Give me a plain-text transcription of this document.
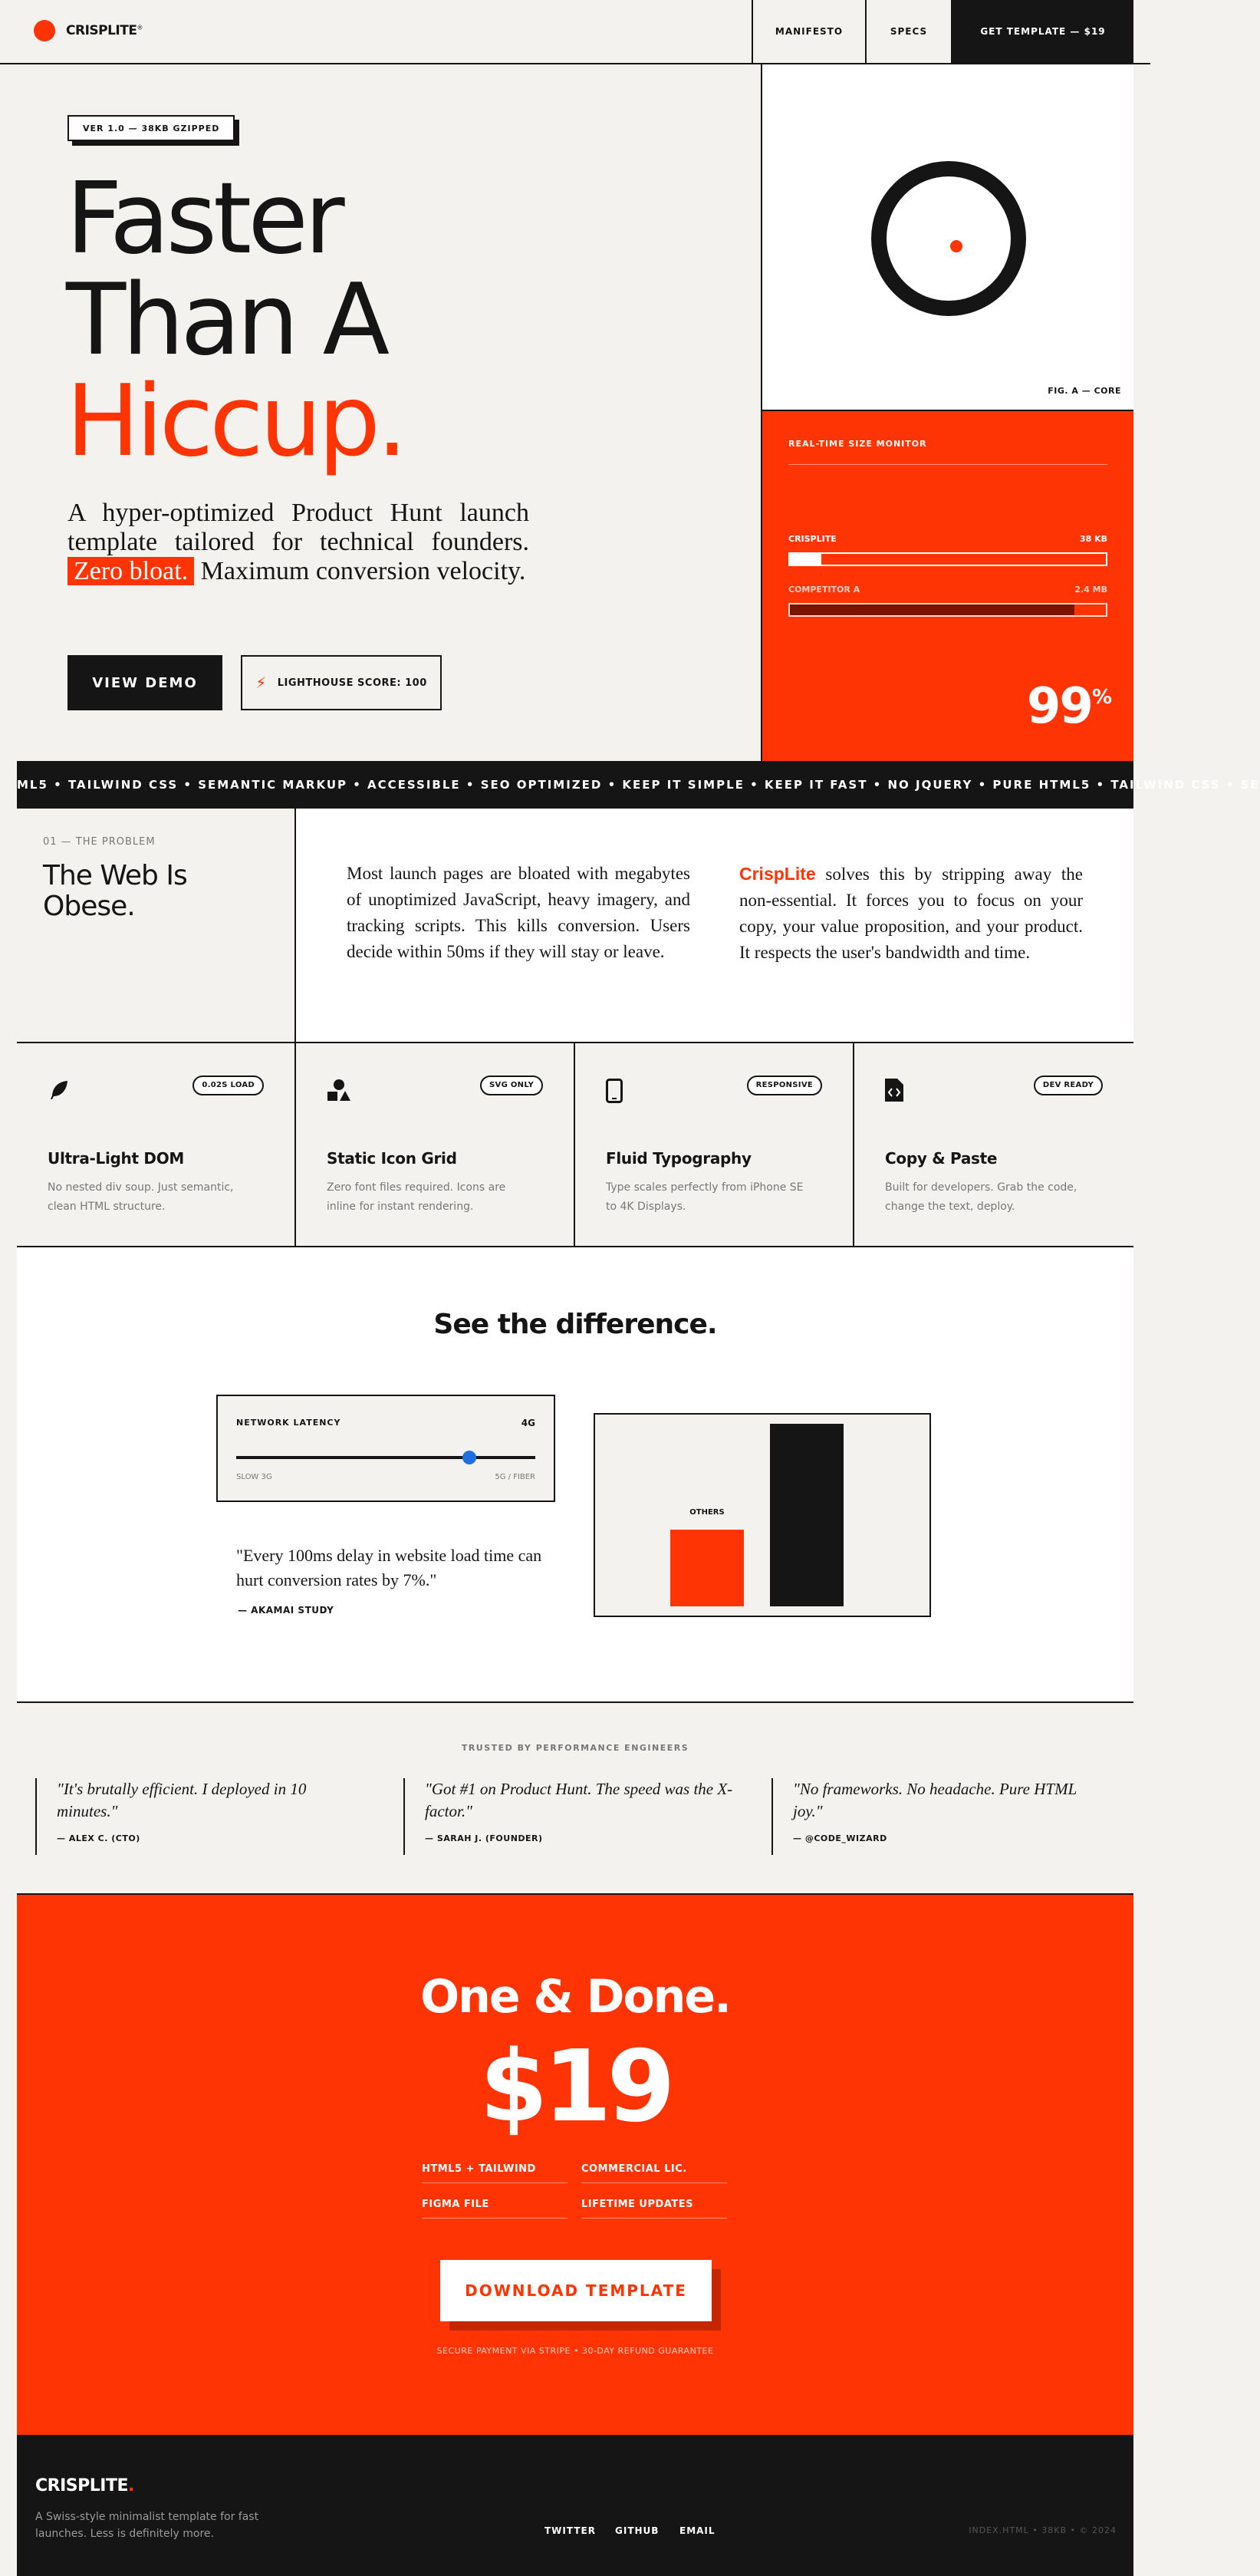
CRISPLITE®	MANIFESTO	SPECS	GET TEMPLATE — $19
VER 1.0 — 38KB GZIPPED
Faster
Than A
Hiccup.

A hyper-optimized Product Hunt launch template tailored for technical founders. Zero bloat. Maximum conversion velocity.

VIEW DEMO	⚡ LIGHTHOUSE SCORE: 100
FIG. A — CORE
REAL-TIME SIZE MONITOR
CRISPLITE	38 KB
COMPETITOR A	2.4 MB
99%
ML5 • TAILWIND CSS • SEMANTIC MARKUP • ACCESSIBLE • SEO OPTIMIZED • KEEP IT SIMPLE • KEEP IT FAST • NO JQUERY • PURE HTML5 • TAILWIND CSS • SE
01 — THE PROBLEM
The Web Is Obese.

Most launch pages are bloated with megabytes of unoptimized JavaScript, heavy imagery, and tracking scripts. This kills conversion. Users decide within 50ms if they will stay or leave.

CrispLite solves this by stripping away the non-essential. It forces you to focus on your copy, your value proposition, and your product. It respects the user's bandwidth and time.

0.02S LOAD
Ultra-Light DOM
No nested div soup. Just semantic, clean HTML structure.
SVG ONLY
Static Icon Grid
Zero font files required. Icons are inline for instant rendering.
RESPONSIVE
Fluid Typography
Type scales perfectly from iPhone SE to 4K Displays.
DEV READY
Copy & Paste
Built for developers. Grab the code, change the text, deploy.
See the difference.
NETWORK LATENCY	4G
SLOW 3G	5G / FIBER

"Every 100ms delay in website load time can hurt conversion rates by 7%."

— AKAMAI STUDY
OTHERS
TRUSTED BY PERFORMANCE ENGINEERS
"It's brutally efficient. I deployed in 10 minutes."
— ALEX C. (CTO)
"Got #1 on Product Hunt. The speed was the X-factor."
— SARAH J. (FOUNDER)
"No frameworks. No headache. Pure HTML joy."
— @CODE_WIZARD
One & Done.
$19
HTML5 + TAILWIND	COMMERCIAL LIC.
FIGMA FILE	LIFETIME UPDATES
DOWNLOAD TEMPLATE
SECURE PAYMENT VIA STRIPE • 30-DAY REFUND GUARANTEE
CRISPLITE.
A Swiss-style minimalist template for fast launches. Less is definitely more.	TWITTER GITHUB EMAIL	INDEX.HTML • 38KB • © 2024
